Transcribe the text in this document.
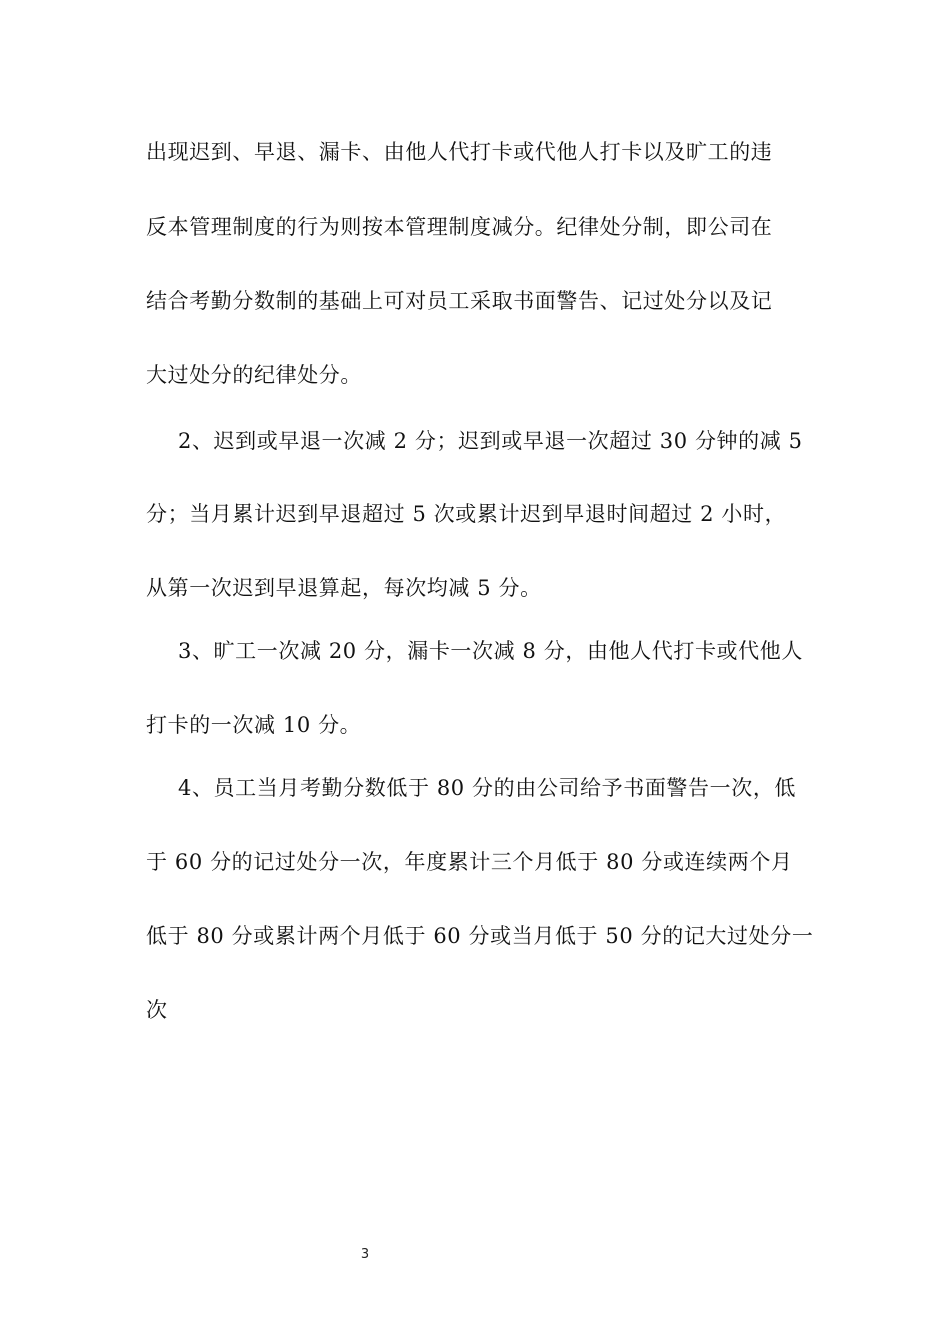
出现迟到、早退、漏卡、由他人代打卡或代他人打卡以及旷工的违
反本管理制度的行为则按本管理制度减分。纪律处分制，即公司在
结合考勤分数制的基础上可对员工采取书面警告、记过处分以及记
大过处分的纪律处分。
2、迟到或早退一次减 2 分；迟到或早退一次超过 30 分钟的减 5
分；当月累计迟到早退超过 5 次或累计迟到早退时间超过 2 小时，
从第一次迟到早退算起，每次均减 5 分。
3、旷工一次减 20 分，漏卡一次减 8 分，由他人代打卡或代他人
打卡的一次减 10 分。
4、员工当月考勤分数低于 80 分的由公司给予书面警告一次，低
于 60 分的记过处分一次，年度累计三个月低于 80 分或连续两个月
低于 80 分或累计两个月低于 60 分或当月低于 50 分的记大过处分一
次
3
